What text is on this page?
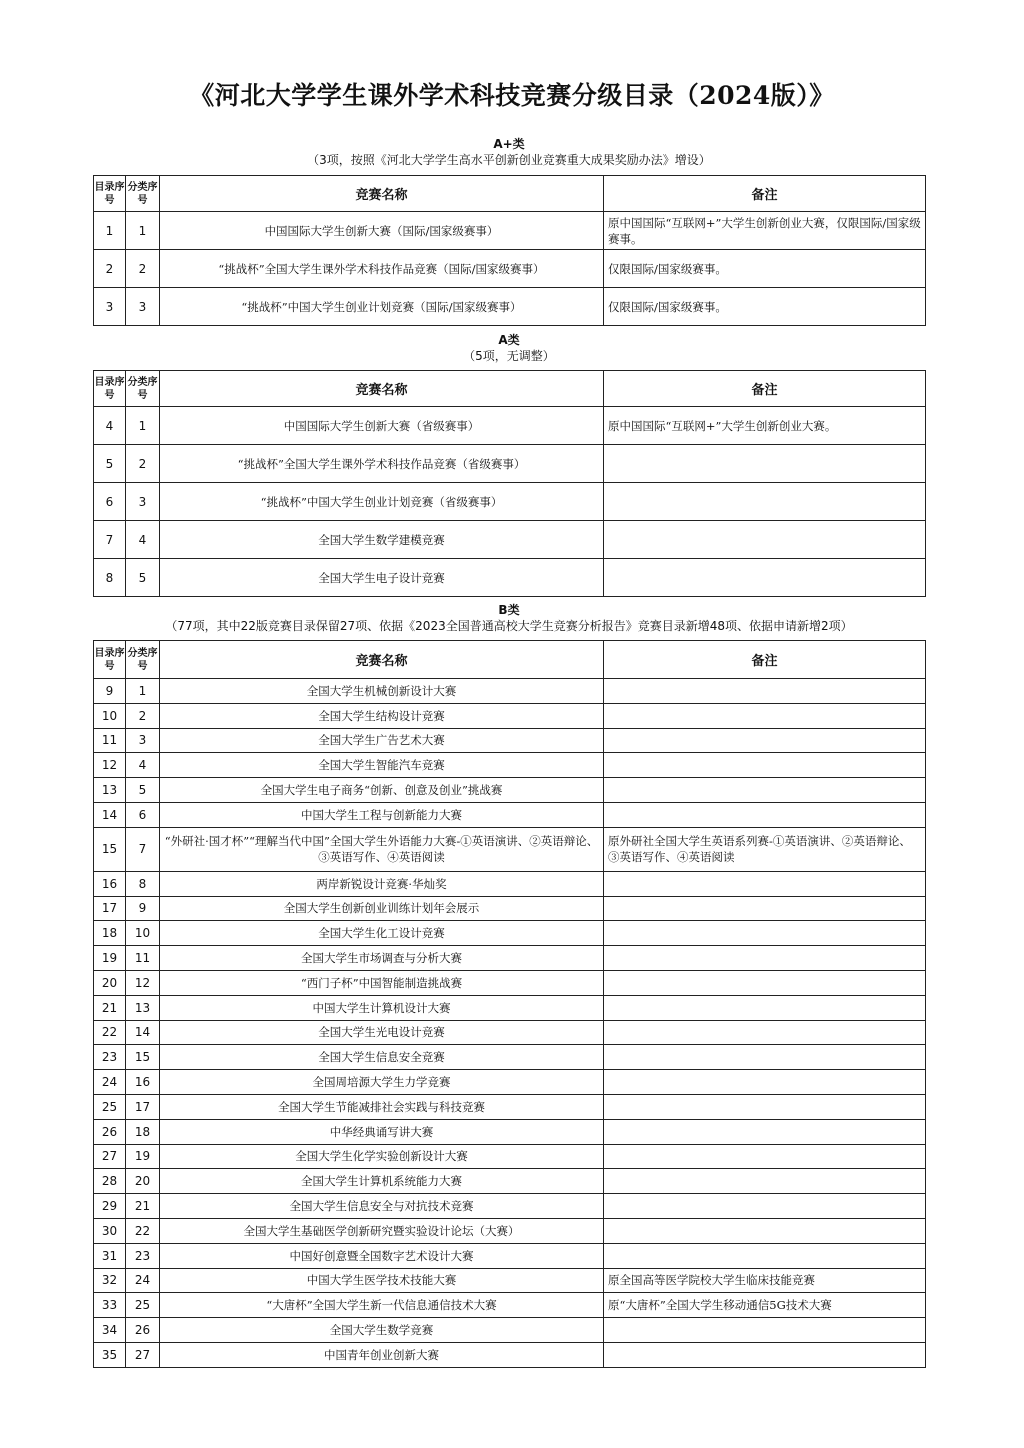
《河北大学学生课外学术科技竞赛分级目录（2024版）》
A+类
（3项，按照《河北大学学生高水平创新创业竞赛重大成果奖励办法》增设）
目录序号	分类序号	竞赛名称	备注
1	1	中国国际大学生创新大赛（国际/国家级赛事）	原中国国际“互联网+”大学生创新创业大赛，仅限国际/国家级赛事。
2	2	“挑战杯”全国大学生课外学术科技作品竞赛（国际/国家级赛事）	仅限国际/国家级赛事。
3	3	“挑战杯”中国大学生创业计划竞赛（国际/国家级赛事）	仅限国际/国家级赛事。
A类
（5项，无调整）
目录序号	分类序号	竞赛名称	备注
4	1	中国国际大学生创新大赛（省级赛事）	原中国国际“互联网+”大学生创新创业大赛。
5	2	“挑战杯”全国大学生课外学术科技作品竞赛（省级赛事）	
6	3	“挑战杯”中国大学生创业计划竞赛（省级赛事）	
7	4	全国大学生数学建模竞赛	
8	5	全国大学生电子设计竞赛	
B类
（77项，其中22版竞赛目录保留27项、依据《2023全国普通高校大学生竞赛分析报告》竞赛目录新增48项、依据申请新增2项）
目录序号	分类序号	竞赛名称	备注
9	1	全国大学生机械创新设计大赛	
10	2	全国大学生结构设计竞赛	
11	3	全国大学生广告艺术大赛	
12	4	全国大学生智能汽车竞赛	
13	5	全国大学生电子商务“创新、创意及创业”挑战赛	
14	6	中国大学生工程与创新能力大赛	
15	7	“外研社·国才杯”“理解当代中国”全国大学生外语能力大赛-①英语演讲、②英语辩论、③英语写作、④英语阅读	原外研社全国大学生英语系列赛-①英语演讲、②英语辩论、③英语写作、④英语阅读
16	8	两岸新锐设计竞赛·华灿奖	
17	9	全国大学生创新创业训练计划年会展示	
18	10	全国大学生化工设计竞赛	
19	11	全国大学生市场调查与分析大赛	
20	12	“西门子杯”中国智能制造挑战赛	
21	13	中国大学生计算机设计大赛	
22	14	全国大学生光电设计竞赛	
23	15	全国大学生信息安全竞赛	
24	16	全国周培源大学生力学竞赛	
25	17	全国大学生节能减排社会实践与科技竞赛	
26	18	中华经典诵写讲大赛	
27	19	全国大学生化学实验创新设计大赛	
28	20	全国大学生计算机系统能力大赛	
29	21	全国大学生信息安全与对抗技术竞赛	
30	22	全国大学生基础医学创新研究暨实验设计论坛（大赛）	
31	23	中国好创意暨全国数字艺术设计大赛	
32	24	中国大学生医学技术技能大赛	原全国高等医学院校大学生临床技能竞赛
33	25	“大唐杯”全国大学生新一代信息通信技术大赛	原“大唐杯”全国大学生移动通信5G技术大赛
34	26	全国大学生数学竞赛	
35	27	中国青年创业创新大赛	
